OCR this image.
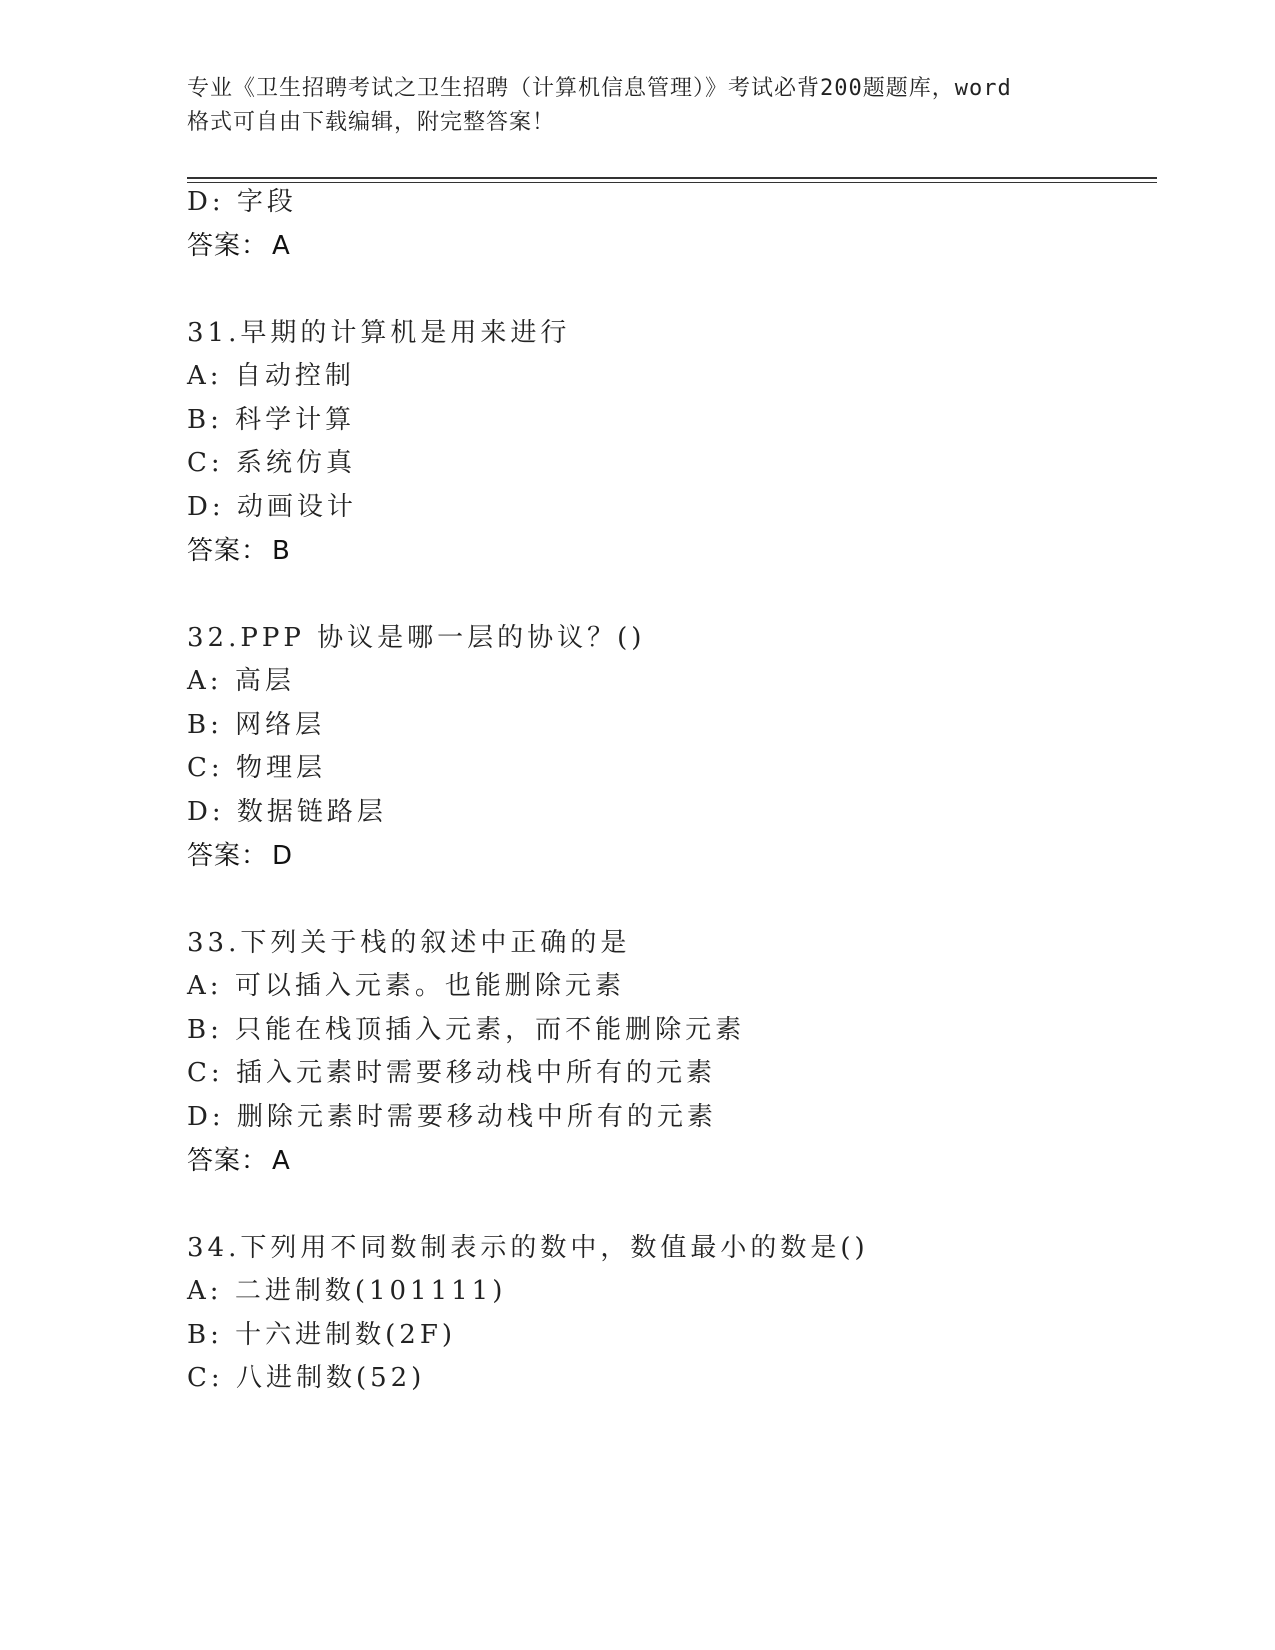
专业《卫生招聘考试之卫生招聘（计算机信息管理）》考试必背200题题库，word
格式可自由下载编辑，附完整答案！
D: 字段
答案： A
31.早期的计算机是用来进行
A: 自动控制
B: 科学计算
C: 系统仿真
D: 动画设计
答案： B
32.PPP 协议是哪一层的协议？()
A: 高层
B: 网络层
C: 物理层
D: 数据链路层
答案： D
33.下列关于栈的叙述中正确的是
A: 可以插入元素。也能删除元素
B: 只能在栈顶插入元素，而不能删除元素
C: 插入元素时需要移动栈中所有的元素
D: 删除元素时需要移动栈中所有的元素
答案： A
34.下列用不同数制表示的数中，数值最小的数是()
A: 二进制数(101111)
B: 十六进制数(2F)
C: 八进制数(52)
